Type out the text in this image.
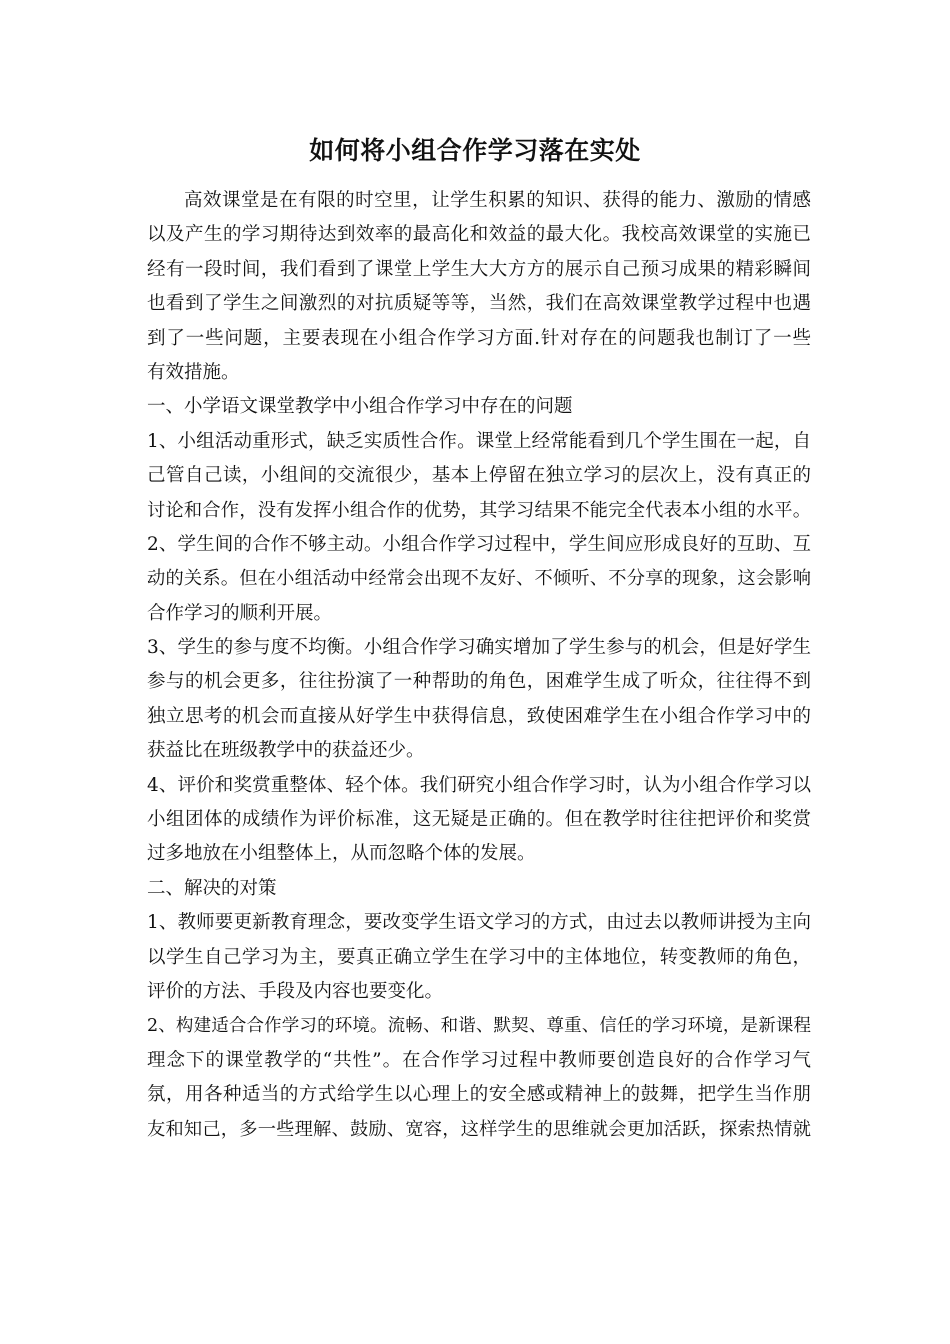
如何将小组合作学习落在实处
高效课堂是在有限的时空里，让学生积累的知识、获得的能力、激励的情感
以及产生的学习期待达到效率的最高化和效益的最大化。我校高效课堂的实施已
经有一段时间，我们看到了课堂上学生大大方方的展示自己预习成果的精彩瞬间
也看到了学生之间激烈的对抗质疑等等，当然，我们在高效课堂教学过程中也遇
到了一些问题，主要表现在小组合作学习方面.针对存在的问题我也制订了一些
有效措施。
一、小学语文课堂教学中小组合作学习中存在的问题
1、小组活动重形式，缺乏实质性合作。课堂上经常能看到几个学生围在一起，自
己管自己读，小组间的交流很少，基本上停留在独立学习的层次上，没有真正的
讨论和合作，没有发挥小组合作的优势，其学习结果不能完全代表本小组的水平。
2、学生间的合作不够主动。小组合作学习过程中，学生间应形成良好的互助、互
动的关系。但在小组活动中经常会出现不友好、不倾听、不分享的现象，这会影响
合作学习的顺利开展。
3、学生的参与度不均衡。小组合作学习确实增加了学生参与的机会，但是好学生
参与的机会更多，往往扮演了一种帮助的角色，困难学生成了听众，往往得不到
独立思考的机会而直接从好学生中获得信息，致使困难学生在小组合作学习中的
获益比在班级教学中的获益还少。
4、评价和奖赏重整体、轻个体。我们研究小组合作学习时，认为小组合作学习以
小组团体的成绩作为评价标准，这无疑是正确的。但在教学时往往把评价和奖赏
过多地放在小组整体上，从而忽略个体的发展。
二、解决的对策
1、教师要更新教育理念，要改变学生语文学习的方式，由过去以教师讲授为主向
以学生自己学习为主，要真正确立学生在学习中的主体地位，转变教师的角色，
评价的方法、手段及内容也要变化。
2、构建适合合作学习的环境。流畅、和谐、默契、尊重、信任的学习环境，是新课程
理念下的课堂教学的“共性”。在合作学习过程中教师要创造良好的合作学习气
氛，用各种适当的方式给学生以心理上的安全感或精神上的鼓舞，把学生当作朋
友和知己，多一些理解、鼓励、宽容，这样学生的思维就会更加活跃，探索热情就
